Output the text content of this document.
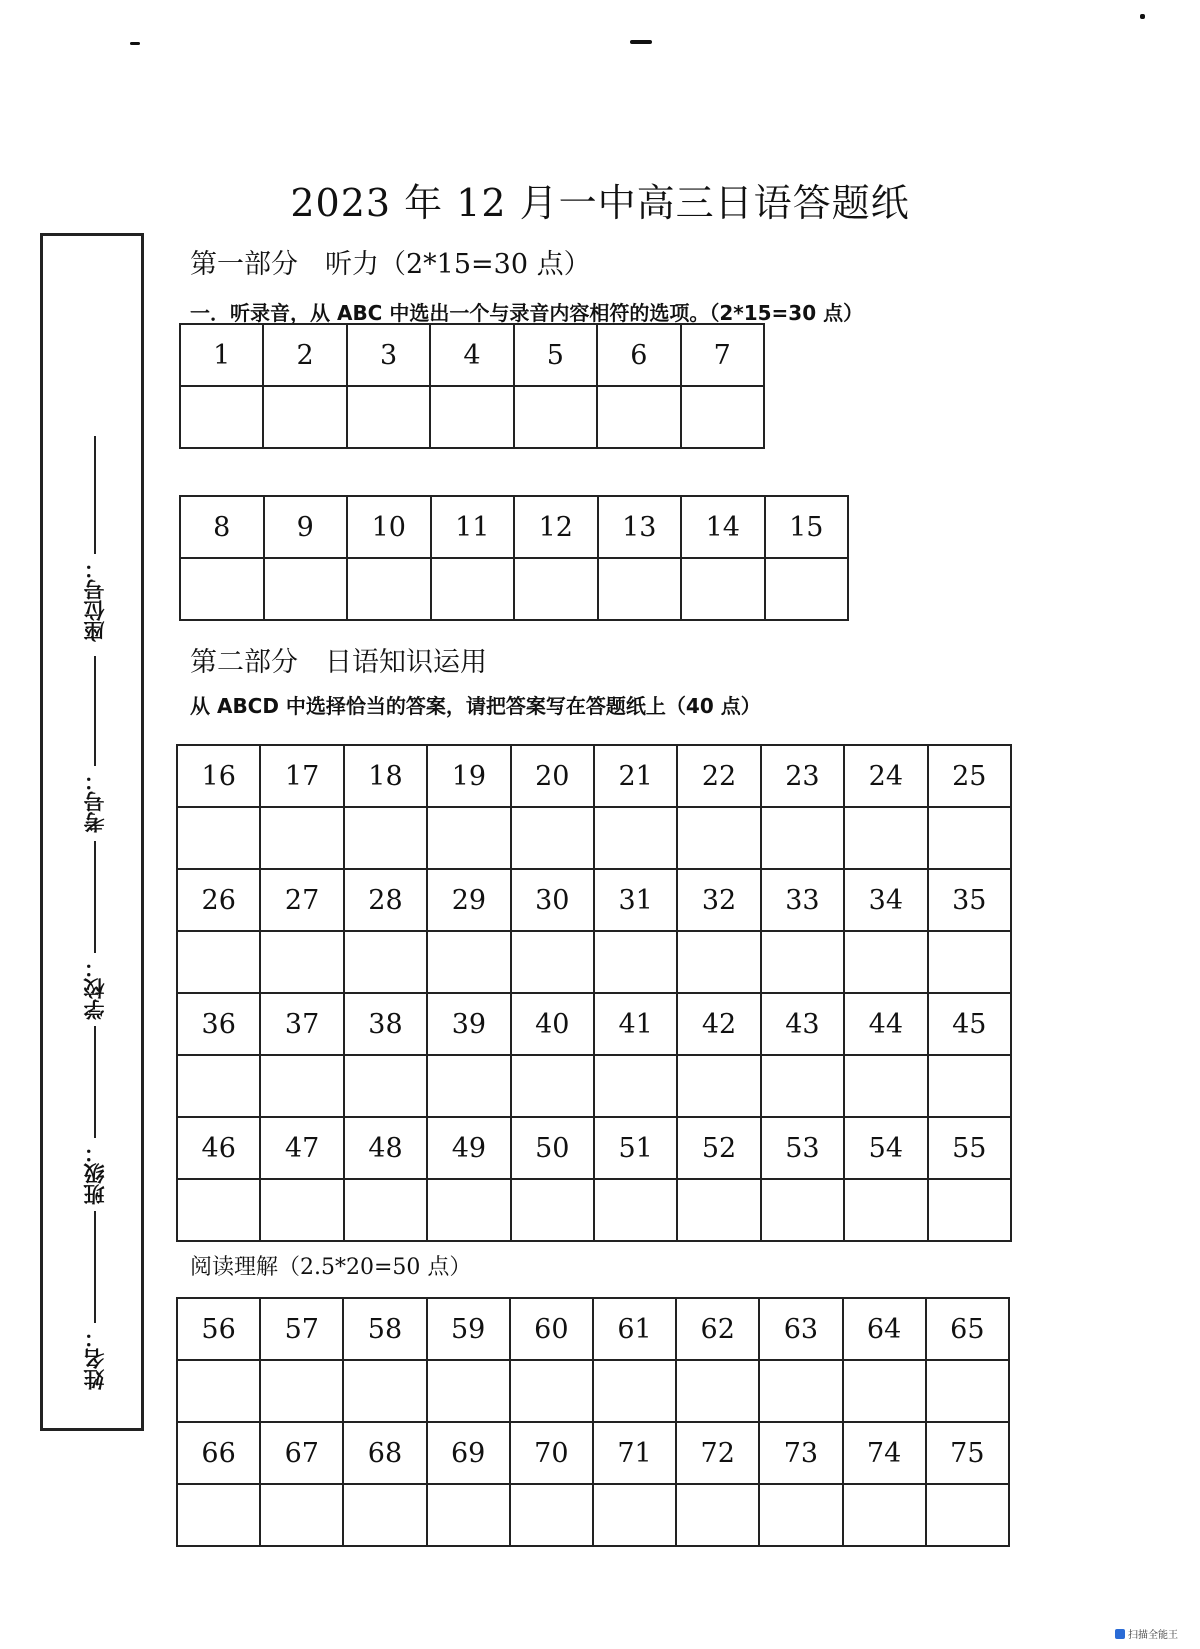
2023 年 12 月一中高三日语答题纸
座位号：
考号：
学校：
班级：
姓名：
第一部分　听力（2*15=30 点）
一．听录音，从 ABC 中选出一个与录音内容相符的选项。（2*15=30 点）
1	2	3	4	5	6	7

8	9	10	11	12	13	14	15

第二部分　日语知识运用
从 ABCD 中选择恰当的答案，请把答案写在答题纸上（40 点）
16	17	18	19	20	21	22	23	24	25

26	27	28	29	30	31	32	33	34	35

36	37	38	39	40	41	42	43	44	45

46	47	48	49	50	51	52	53	54	55

阅读理解（2.5*20=50 点）
56	57	58	59	60	61	62	63	64	65

66	67	68	69	70	71	72	73	74	75

扫描全能王
